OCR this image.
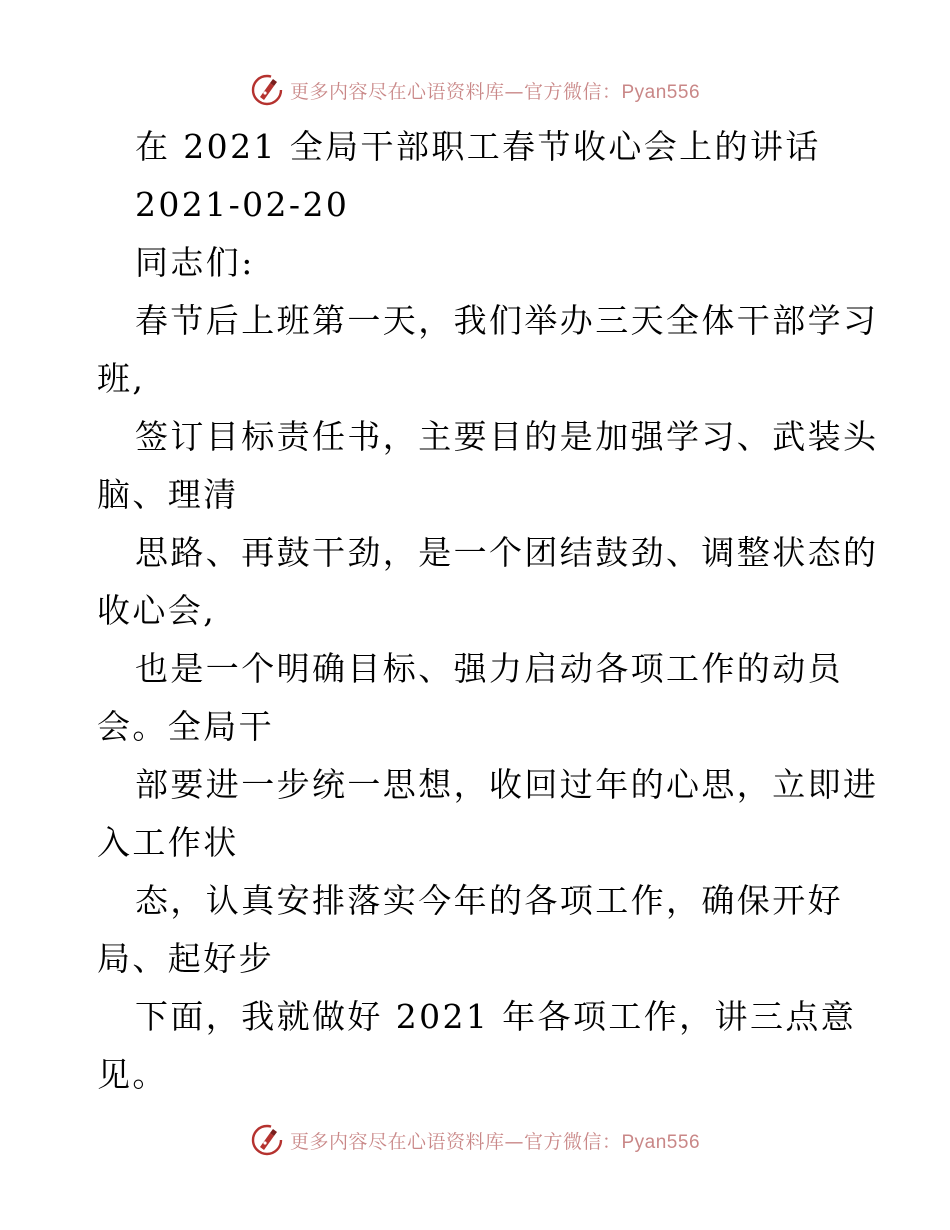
更多内容尽在心语资料库—官方微信：Pyan556
在 2021 全局干部职工春节收心会上的讲话
2021-02-20
同志们:
春节后上班第一天，我们举办三天全体干部学习
班,
签订目标责任书，主要目的是加强学习、武装头
脑、理清
思路、再鼓干劲，是一个团结鼓劲、调整状态的
收心会,
也是一个明确目标、强力启动各项工作的动员
会。全局干
部要进一步统一思想，收回过年的心思，立即进
入工作状
态，认真安排落实今年的各项工作，确保开好
局、起好步
下面，我就做好 2021 年各项工作，讲三点意
见。
更多内容尽在心语资料库—官方微信：Pyan556
